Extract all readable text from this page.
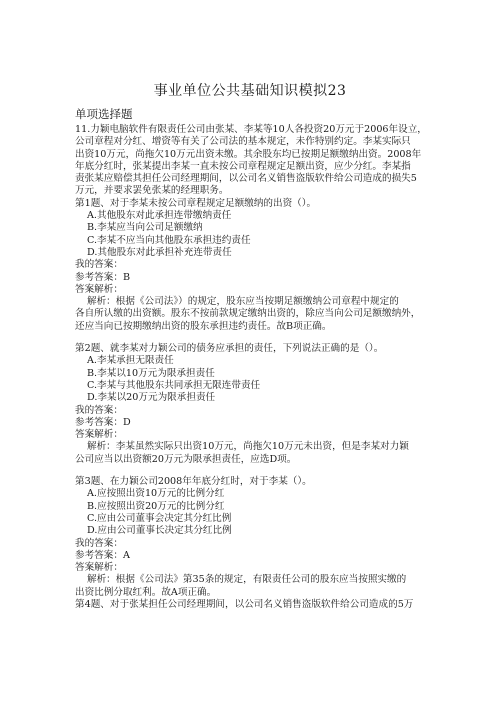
事业单位公共基础知识模拟23
单项选择题
11.力颖电脑软件有限责任公司由张某、李某等10人各投资20万元于2006年设立，
公司章程对分红、增资等有关了公司法的基本规定，未作特别约定。李某实际只
出资10万元，尚拖欠10万元出资未缴。其余股东均已按期足额缴纳出资。2008年
年底分红时，张某提出李某一直未按公司章程规定足额出资，应少分红。李某指
责张某应赔偿其担任公司经理期间，以公司名义销售盗版软件给公司造成的损失5
万元，并要求罢免张某的经理职务。
第1题、对于李某未按公司章程规定足额缴纳的出资（）。
A.其他股东对此承担连带缴纳责任
B.李某应当向公司足额缴纳
C.李某不应当向其他股东承担违约责任
D.其他股东对此承担补充连带责任
我的答案：
参考答案：B
答案解析：
解析：根据《公司法》）的规定，股东应当按期足额缴纳公司章程中规定的
各自所认缴的出资额。股东不按前款规定缴纳出资的，除应当向公司足额缴纳外，
还应当向已按期缴纳出资的股东承担违约责任。故B项正确。
第2题、就李某对力颖公司的债务应承担的责任，下列说法正确的是（）。
A.李某承担无限责任
B.李某以10万元为限承担责任
C.李某与其他股东共同承担无限连带责任
D.李某以20万元为限承担责任
我的答案：
参考答案：D
答案解析：
解析：李某虽然实际只出资10万元，尚拖欠10万元未出资，但是李某对力颖
公司应当以出资额20万元为限承担责任，应选D项。
第3题、在力颖公司2008年年底分红时，对于李某（）。
A.应按照出资10万元的比例分红
B.应按照出资20万元的比例分红
C.应由公司董事会决定其分红比例
D.应由公司董事长决定其分红比例
我的答案：
参考答案：A
答案解析：
解析：根据《公司法》第35条的规定，有限责任公司的股东应当按照实缴的
出资比例分取红利。故A项正确。
第4题、对于张某担任公司经理期间，以公司名义销售盗版软件给公司造成的5万
